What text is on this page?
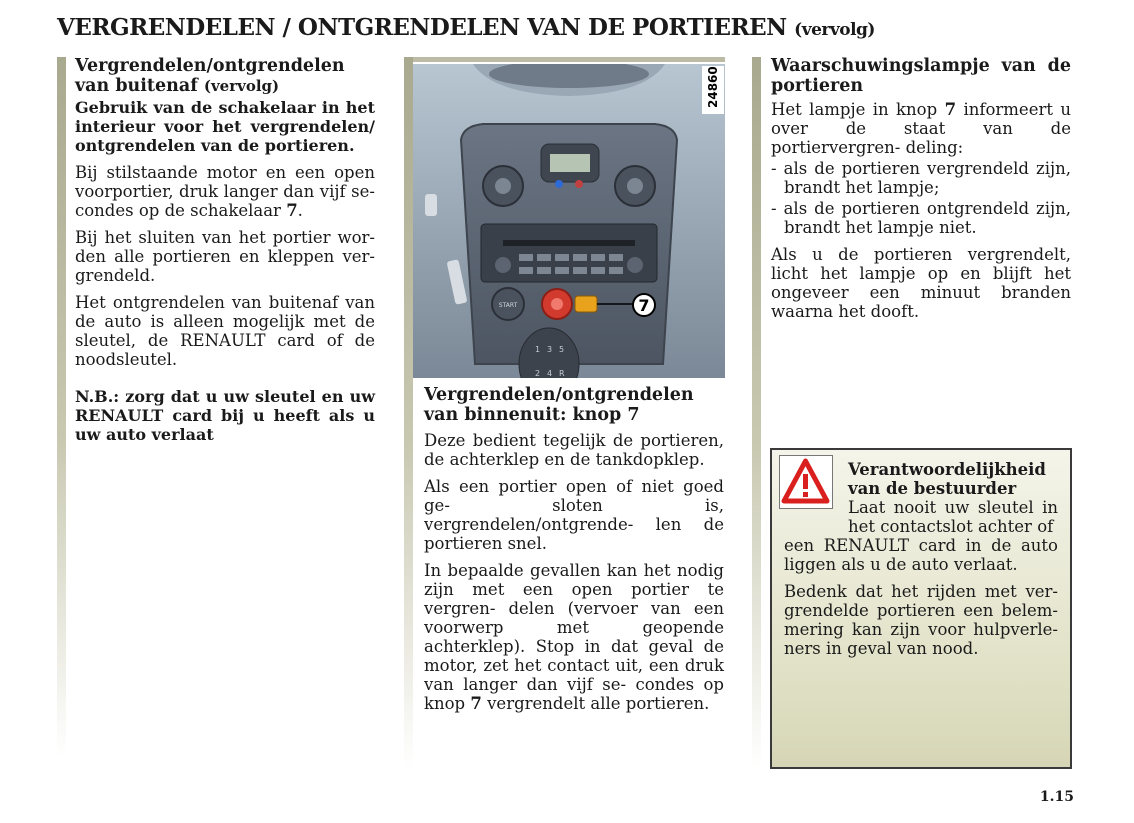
VERGRENDELEN / ONTGRENDELEN VAN DE PORTIEREN (vervolg)
Vergrendelen/ontgrendelen van buitenaf (vervolg)

Gebruik van de schakelaar in het interieur voor het vergrendelen/ ontgrendelen van de portieren.

Bij stilstaande motor en een open voorportier, druk langer dan vijf se- condes op de schakelaar 7.

Bij het sluiten van het portier wor- den alle portieren en kleppen ver- grendeld.

Het ontgrendelen van buitenaf van de auto is alleen mogelijk met de sleutel, de RENAULT card of de noodsleutel.

N.B.: zorg dat u uw sleutel en uw RENAULT card bij u heeft als u uw auto verlaat

START	7
1 3 5
2 4 R
24860
Vergrendelen/ontgrendelen van binnenuit: knop 7

Deze bedient tegelijk de portieren, de achterklep en de tankdopklep.

Als een portier open of niet goed ge- sloten is, vergrendelen/ontgrende- len de portieren snel.

In bepaalde gevallen kan het nodig zijn met een open portier te vergren- delen (vervoer van een voorwerp met geopende achterklep). Stop in dat geval de motor, zet het contact uit, een druk van langer dan vijf se- condes op knop 7 vergrendelt alle portieren.

Waarschuwingslampje van de portieren

Het lampje in knop 7 informeert u over de staat van de portiervergren- deling:

- als de portieren vergrendeld zijn, brandt het lampje;

- als de portieren ontgrendeld zijn, brandt het lampje niet.

Als u de portieren vergrendelt, licht het lampje op en blijft het ongeveer een minuut branden waarna het dooft.

Verantwoordelijkheid van de bestuurder
Laat nooit uw sleutel in het contactslot achter of

een RENAULT card in de auto liggen als u de auto verlaat.

Bedenk dat het rijden met ver- grendelde portieren een belem- mering kan zijn voor hulpverle- ners in geval van nood.

1.15
